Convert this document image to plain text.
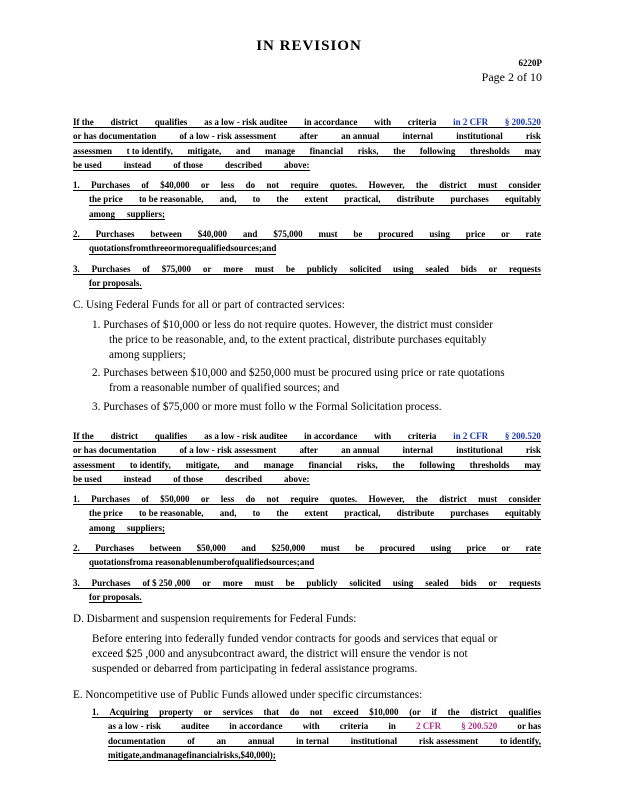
IN REVISION
6220P
Page 2 of 10
If the district qualifies as a low - risk auditee in accordance with criteria in 2 CFR § 200.520
or has documentation	of a low - risk assessment	after	an annual	internal	institutional	risk
assessmen t to identify, mitigate, and manage financial risks, the following thresholds may
be used instead of those described above:
1. Purchases of $40,000 or less do not require quotes. However, the district must consider
the price to be reasonable, and, to the extent practical, distribute purchases equitably
among suppliers;
2. Purchases between $40,000 and $75,000 must be procured using price or rate
quotations from three or more qualified sources; and
3. Purchases of $75,000 or more must be publicly solicited using sealed bids or requests
for proposals.
C. Using Federal Funds for all or part of contracted services:
1. Purchases of $10,000 or less do not require quotes. However, the district must consider
the price to be reasonable, and, to the extent practical, distribute purchases equitably
among suppliers;
2. Purchases between $10,000 and $250,000 must be procured using price or rate quotations
from a reasonable number of qualified sources; and
3. Purchases of $75,000 or more must follo w the Formal Solicitation process.
If the district qualifies as a low - risk auditee in accordance with criteria in 2 CFR § 200.520
or has documentation	of a low - risk assessment	after	an annual	internal	institutional	risk
assessment to identify, mitigate, and manage financial risks, the following thresholds may
be used instead of those described above:
1. Purchases of $50,000 or less do not require quotes. However, the district must consider
the price to be reasonable, and, to the extent practical, distribute purchases equitably
among suppliers;
2. Purchases between $50,000 and $250,000 must be procured using price or rate
quotations from a reasonable number of qualified sources; and
3. Purchases of $ 250 ,000 or more must be publicly solicited using sealed bids or requests
for proposals.
D. Disbarment and suspension requirements for Federal Funds:
Before entering into federally funded vendor contracts for goods and services that equal or
exceed $25 ,000 and anysubcontract award, the district will ensure the vendor is not
suspended or debarred from participating in federal assistance programs.
E. Noncompetitive use of Public Funds allowed under specific circumstances:
1. Acquiring property or services that do not exceed $10,000 (or if the district qualifies
as a low - risk auditee in accordance with criteria in 2 CFR § 200.520 or has
documentation of an annual in ternal institutional risk assessment to identify,
mitigate, and manage financial risks, $40,000);
